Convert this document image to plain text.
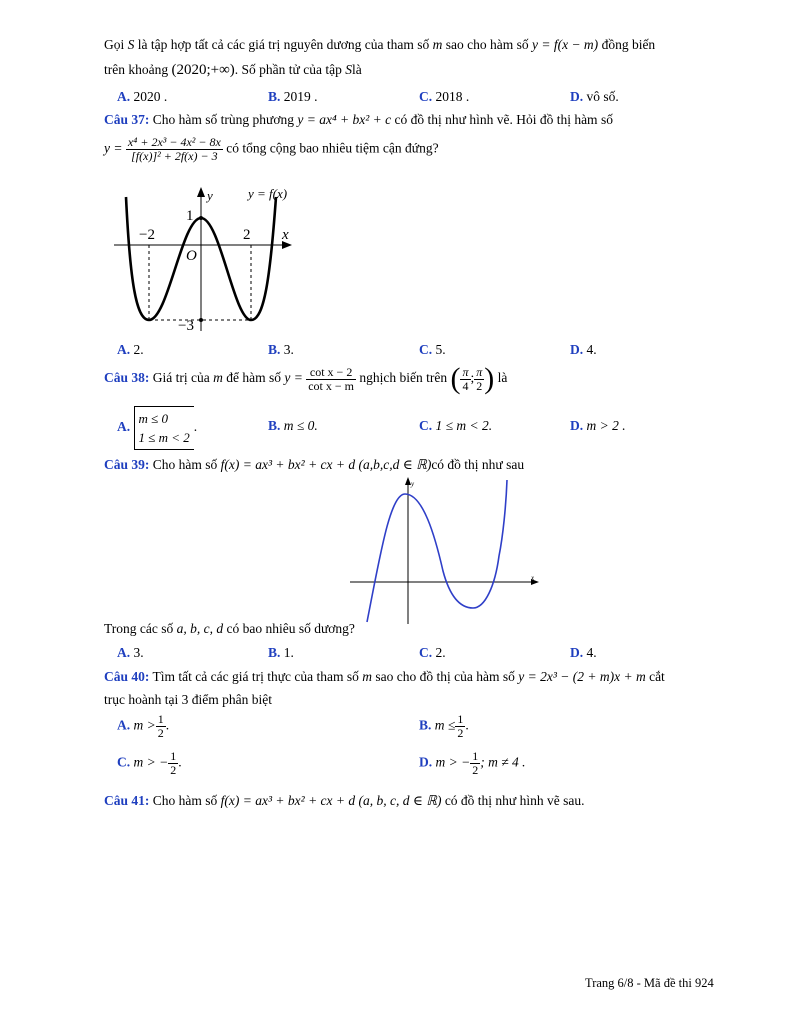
Gọi S là tập hợp tất cả các giá trị nguyên dương của tham số m sao cho hàm số y = f(x − m) đồng biến
trên khoảng (2020;+∞). Số phần tử của tập Slà
A. 2020 .	B. 2019 .	C. 2018 .	D. vô số.
Câu 37: Cho hàm số trùng phương y = ax⁴ + bx² + c có đồ thị như hình vẽ. Hỏi đồ thị hàm số
$y = \frac{\text{x⁴ + 2x³ − 4x² − 8x}}{\text{[f(x)]² + 2f(x) − 3}}$ có tổng cộng bao nhiêu tiệm cận đứng?
y	y = f(x)
x
1
−2	2
O
−3
A. 2.	B. 3.	C. 5.	D. 4.
Câu 38: Giá trị của m để hàm số $y = \frac{\text{cot x − 2}}{\text{cot x − m}}$ nghịch biến trên ( $\frac{\pi}{4}$ ; $\frac{\pi}{2}$ ) là
A.
m ≤ 0
1 ≤ m < 2
.	B. m ≤ 0.	C. 1 ≤ m < 2.	D. m > 2 .
Câu 39: Cho hàm số f(x) = ax³ + bx² + cx + d (a,b,c,d ∈ ℝ)có đồ thị như sau
y
x
Trong các số a, b, c, d có bao nhiêu số dương?
A. 3.	B. 1.	C. 2.	D. 4.
Câu 40: Tìm tất cả các giá trị thực của tham số m sao cho đồ thị của hàm số y = 2x³ − (2 + m)x + m cắt
trục hoành tại 3 điểm phân biệt
A. $m > \frac{1}{2}$ .	B. $m \le \frac{1}{2}$ .
C. m > − $\frac{1}{2}$ .	D. m > − $\frac{1}{2}$ ; m ≠ 4 .
Câu 41: Cho hàm số f(x) = ax³ + bx² + cx + d (a, b, c, d ∈ ℝ) có đồ thị như hình vẽ sau.
Trang 6/8 - Mã đề thi 924
